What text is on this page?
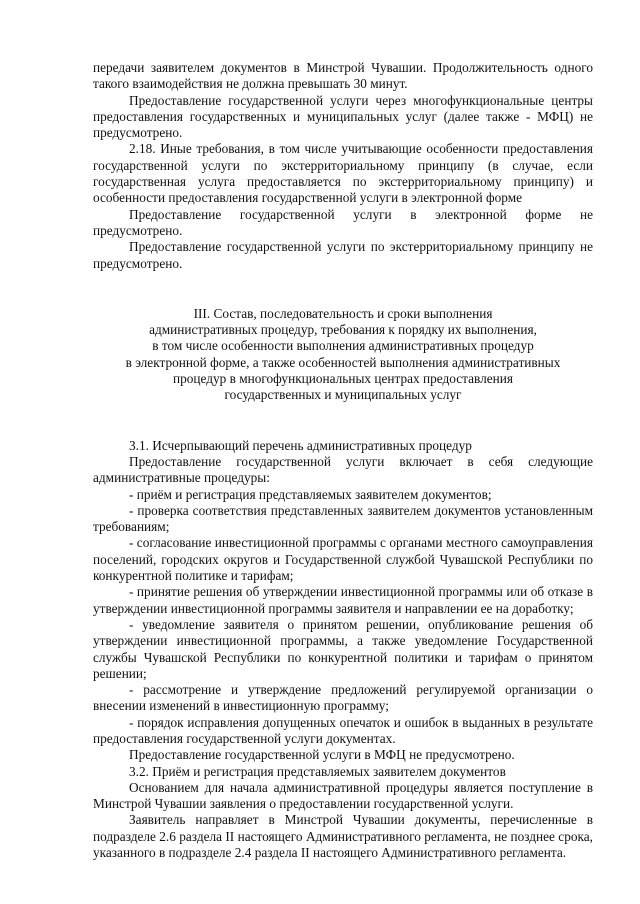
передачи заявителем документов в Минстрой Чувашии. Продолжительность одного такого взаимодействия не должна превышать 30 минут.

Предоставление государственной услуги через многофункциональные центры предоставления государственных и муниципальных услуг (далее также - МФЦ) не предусмотрено.

2.18. Иные требования, в том числе учитывающие особенности предоставления государственной услуги по экстерриториальному принципу (в случае, если государственная услуга предоставляется по экстерриториальному принципу) и особенности предоставления государственной услуги в электронной форме

Предоставление государственной услуги в электронной форме не предусмотрено.

Предоставление государственной услуги по экстерриториальному принципу не предусмотрено.

III. Состав, последовательность и сроки выполнения
административных процедур, требования к порядку их выполнения,
в том числе особенности выполнения административных процедур
в электронной форме, а также особенностей выполнения административных
процедур в многофункциональных центрах предоставления
государственных и муниципальных услуг

3.1. Исчерпывающий перечень административных процедур

Предоставление государственной услуги включает в себя следующие административные процедуры:

- приём и регистрация представляемых заявителем документов;

- проверка соответствия представленных заявителем документов установленным требованиям;

- согласование инвестиционной программы с органами местного самоуправления поселений, городских округов и Государственной службой Чувашской Республики по конкурентной политике и тарифам;

- принятие решения об утверждении инвестиционной программы или об отказе в утверждении инвестиционной программы заявителя и направлении ее на доработку;

- уведомление заявителя о принятом решении, опубликование решения об утверждении инвестиционной программы, а также уведомление Государственной службы Чувашской Республики по конкурентной политики и тарифам о принятом решении;

- рассмотрение и утверждение предложений регулируемой организации о внесении изменений в инвестиционную программу;

- порядок исправления допущенных опечаток и ошибок в выданных в результате предоставления государственной услуги документах.

Предоставление государственной услуги в МФЦ не предусмотрено.

3.2. Приём и регистрация представляемых заявителем документов

Основанием для начала административной процедуры является поступление в Минстрой Чувашии заявления о предоставлении государственной услуги.

Заявитель направляет в Минстрой Чувашии документы, перечисленные в подразделе 2.6 раздела II настоящего Административного регламента, не позднее срока, указанного в подразделе 2.4 раздела II настоящего Административного регламента.
